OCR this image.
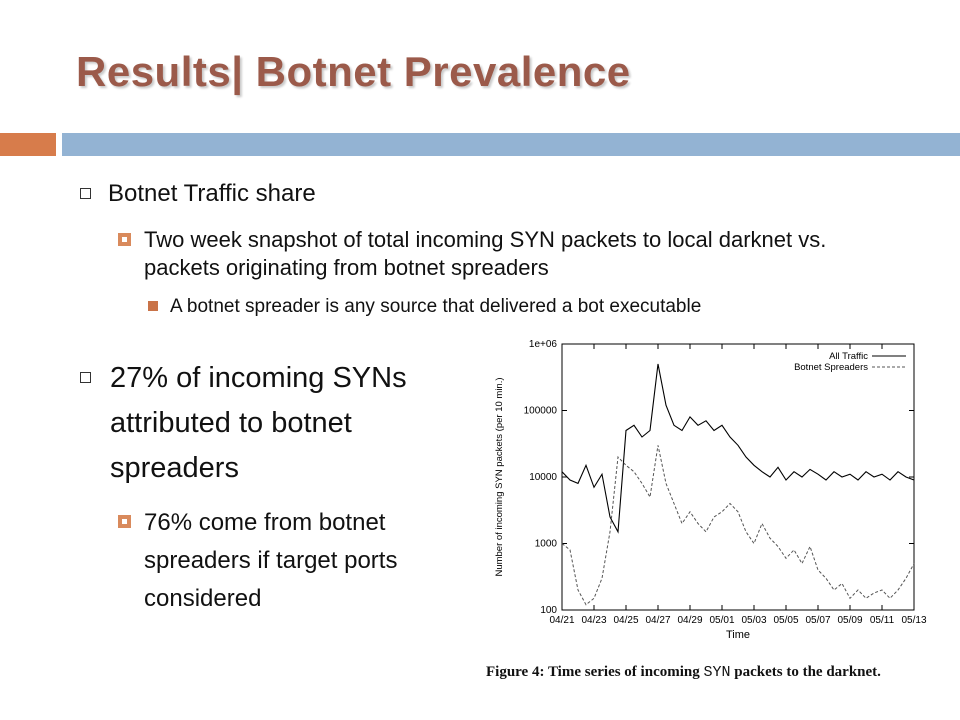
Results| Botnet Prevalence
Botnet Traffic share
Two week snapshot of total incoming SYN packets to local darknet vs. packets originating from botnet spreaders
A botnet spreader is any source that delivered a bot executable
27% of incoming SYNs attributed to botnet spreaders
76% come from botnet spreaders if target ports considered	100
1000
10000
100000
1e+06
04/21 04/23 04/25 04/27 04/29 05/01 05/03 05/05 05/07 05/09 05/11 05/13
Number of incoming SYN packets (per 10 min.)
Time
All Traffic
Botnet Spreaders
Figure 4: Time series of incoming SYN packets to the darknet.
